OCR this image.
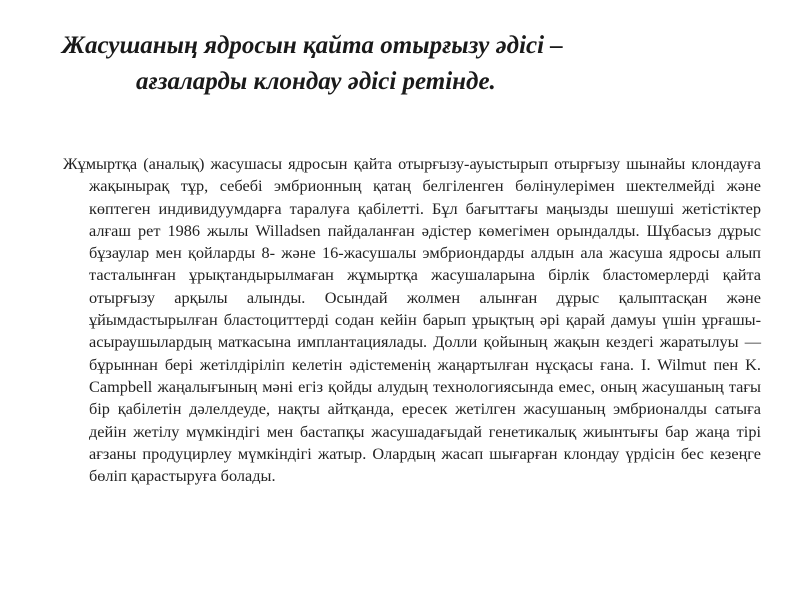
Жасушаның ядросын қайта отырғызу әдісі –
ағзаларды клондау әдісі ретінде.

Жұмыртқа (аналық) жасушасы ядросын қайта отырғызу-ауыстырып отырғызу шынайы клондауға жақынырақ тұр, себебі эмбрионның қатаң белгіленген бөлінулерімен шектелмейді және көптеген индивидуумдарға таралуға қабілетті. Бұл бағыттағы маңызды шешуші жетістіктер алғаш рет 1986 жылы Willadsen пайдаланған әдістер көмегімен орындалды. Шұбасыз дұрыс бұзаулар мен қойларды 8- және 16-жасушалы эмбриондарды алдын ала жасуша ядросы алып тасталынған ұрықтандырылмаған жұмыртқа жасушаларына бірлік бластомерлерді қайта отырғызу арқылы алынды. Осындай жолмен алынған дұрыс қалыптасқан және ұйымдастырылған бластоциттерді содан кейін барып ұрықтың әрі қарай дамуы үшін ұрғашы-асыраушылардың маткасына имплантациялады. Долли қойының жақын кездегі жаратылуы — бұрыннан бері жетілдіріліп келетін әдістеменің жаңартылған нұсқасы ғана. I. Wilmut пен K. Campbell жаңалығының мәні егіз қойды алудың технологиясында емес, оның жасушаның тағы бір қабілетін дәлелдеуде, нақты айтқанда, ересек жетілген жасушаның эмбрионалды сатыға дейін жетілу мүмкіндігі мен бастапқы жасушадағыдай генетикалық жиынтығы бар жаңа тірі ағзаны продуцирлеу мүмкіндігі жатыр. Олардың жасап шығарған клондау үрдісін бес кезеңге бөліп қарастыруға болады.
